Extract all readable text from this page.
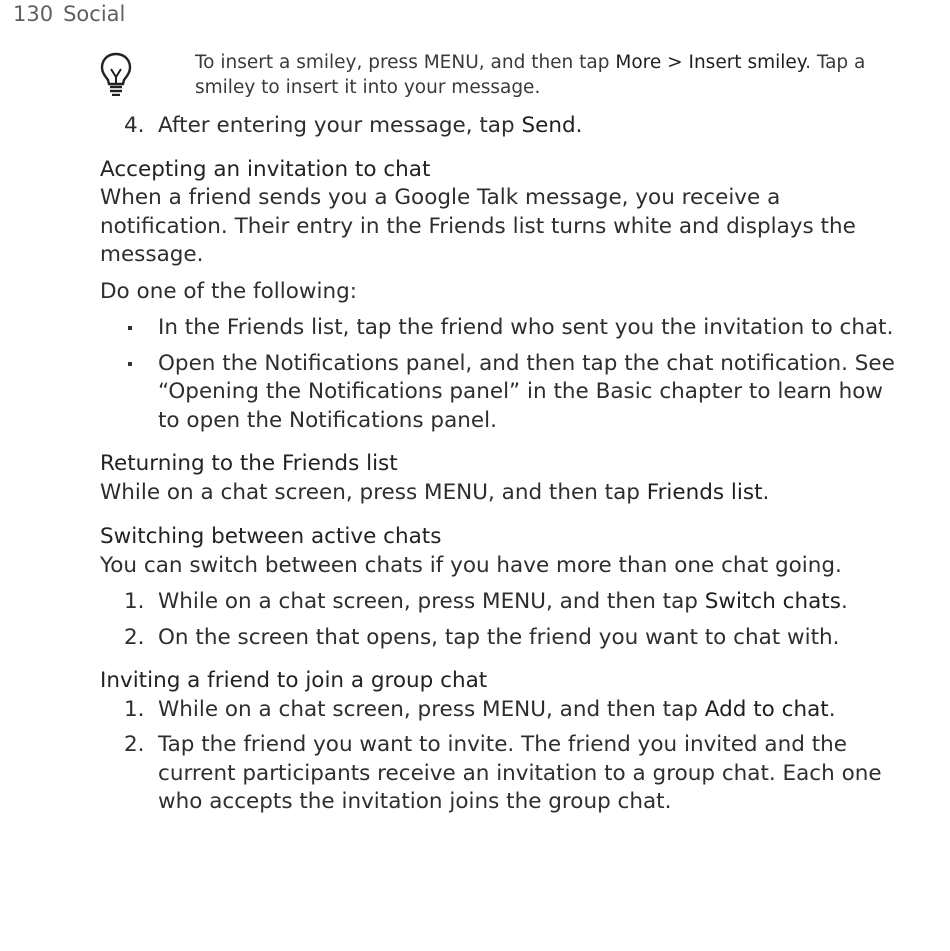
130 Social
To insert a smiley, press MENU, and then tap More > Insert smiley. Tap a smiley to insert it into your message.
4. After entering your message, tap Send.
Accepting an invitation to chat

When a friend sends you a Google Talk message, you receive a notification. Their entry in the Friends list turns white and displays the message.

Do one of the following:

In the Friends list, tap the friend who sent you the invitation to chat.
Open the Notifications panel, and then tap the chat notification. See “Opening the Notifications panel” in the Basic chapter to learn how to open the Notifications panel.
Returning to the Friends list

While on a chat screen, press MENU, and then tap Friends list.

Switching between active chats

You can switch between chats if you have more than one chat going.

1. While on a chat screen, press MENU, and then tap Switch chats.
2. On the screen that opens, tap the friend you want to chat with.
Inviting a friend to join a group chat
1. While on a chat screen, press MENU, and then tap Add to chat.
2. Tap the friend you want to invite. The friend you invited and the current participants receive an invitation to a group chat. Each one who accepts the invitation joins the group chat.
